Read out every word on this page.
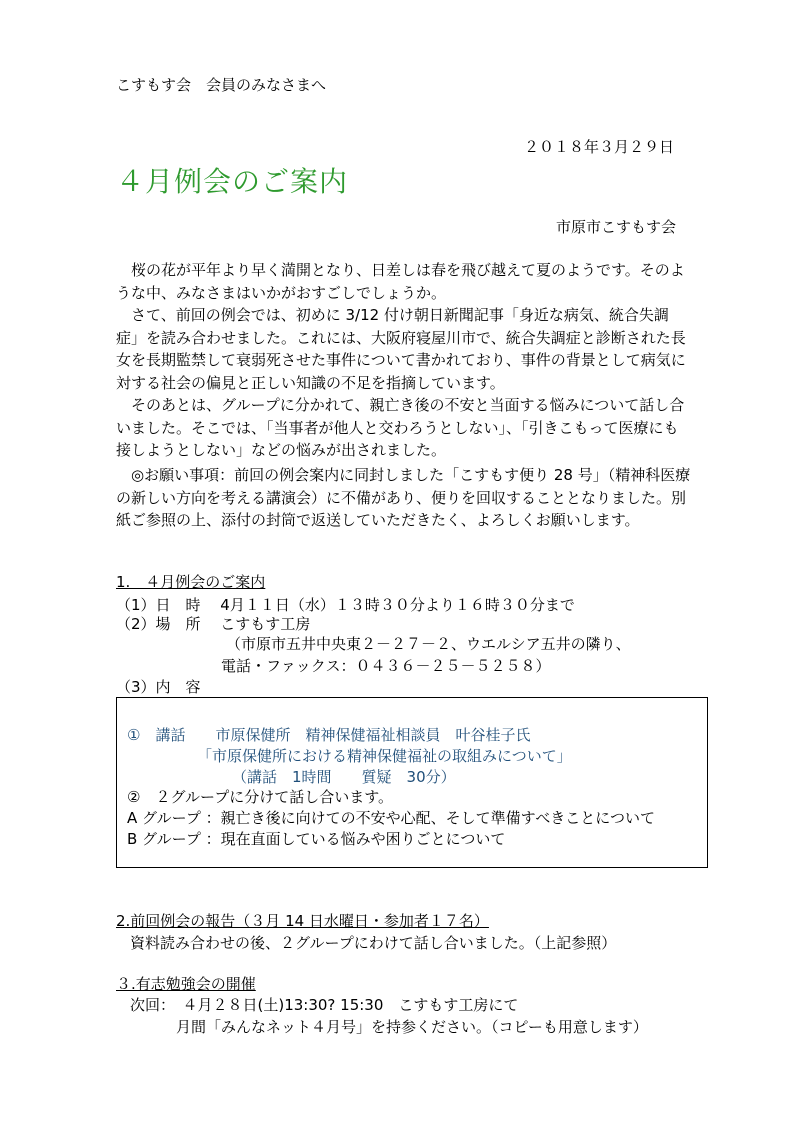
こすもす会　会員のみなさまへ
２０１８年３月２９日
４月例会のご案内
市原市こすもす会

桜の花が平年より早く満開となり、日差しは春を飛び越えて夏のようです。そのような中、みなさまはいかがおすごしでしょうか。

さて、前回の例会では、初めに 3/12 付け朝日新聞記事「身近な病気、統合失調症」を読み合わせました。これには、大阪府寝屋川市で、統合失調症と診断された長女を長期監禁して衰弱死させた事件について書かれており、事件の背景として病気に対する社会の偏見と正しい知識の不足を指摘しています。

そのあとは、グループに分かれて、親亡き後の不安と当面する悩みについて話し合いました。そこでは、「当事者が他人と交わろうとしない」、「引きこもって医療にも接しようとしない」などの悩みが出されました。

◎お願い事項：前回の例会案内に同封しました「こすもす便り 28 号」（精神科医療の新しい方向を考える講演会）に不備があり、便りを回収することとなりました。別紙ご参照の上、添付の封筒で返送していただきたく、よろしくお願いします。

1.　４月例会のご案内
（1）日　時　 4月１１日（水）１３時３０分より１６時３０分まで
（2）場　所　 こすもす工房
（市原市五井中央東２－２７－２、ウエルシア五井の隣り、
電話・ファックス：０４３６－２５－５２５８）
（3）内　容
①　講話　　市原保健所　精神保健福祉相談員　叶谷桂子氏
「市原保健所における精神保健福祉の取組みについて」
（講話　1時間　　質疑　30分）
②　２グループに分けて話し合います。
A グループ ：親亡き後に向けての不安や心配、そして準備すべきことについて
B グループ ：現在直面している悩みや困りごとについて
2.前回例会の報告（３月 14 日水曜日・参加者１７名）
資料読み合わせの後、２グループにわけて話し合いました。（上記参照）
３.有志勉強会の開催
次回：　４月２８日(土)13:30? 15:30　こすもす工房にて
月間「みんなネット４月号」を持参ください。（コピーも用意します）
